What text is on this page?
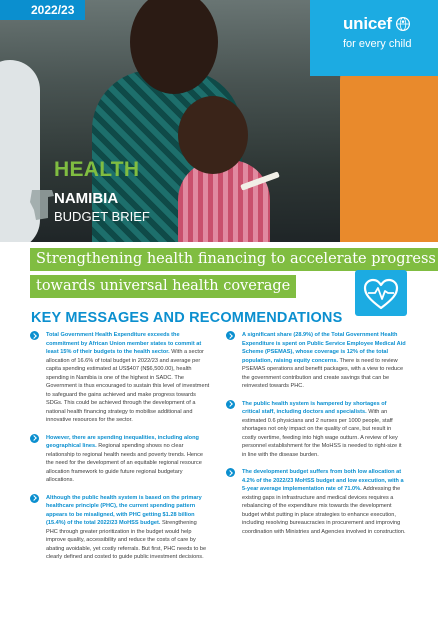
2022/23
unicef
for every child
HEALTH
NAMIBIA
BUDGET BRIEF
Strengthening health financing to accelerate progress
towards universal health coverage
KEY MESSAGES AND RECOMMENDATIONS
Total Government Health Expenditure exceeds the commitment by African Union member states to commit at least 15% of their budgets to the health sector. With a sector allocation of 16.6% of total budget in 2022/23 and average per capita spending estimated at US$407 (N$6,500.00), health spending in Namibia is one of the highest in SADC. The Government is thus encouraged to sustain this level of investment to safeguard the gains achieved and make progress towards SDGs. This could be achieved through the development of a national health financing strategy to mobilise additional and innovative resources for the sector.
However, there are spending inequalities, including along geographical lines. Regional spending shows no clear relationship to regional health needs and poverty trends. Hence the need for the development of an equitable regional resource allocation framework to guide future regional budgetary allocations.
Although the public health system is based on the primary healthcare principle (PHC), the current spending pattern appears to be misaligned, with PHC getting $1.28 billion (15.4%) of the total 2022/23 MoHSS budget. Strengthening PHC through greater prioritization in the budget would help improve quality, accessibility and reduce the costs of care by abating avoidable, yet costly referrals. But first, PHC needs to be clearly defined and costed to guide public investment decisions.
A significant share (28.9%) of the Total Government Health Expenditure is spent on Public Service Employee Medical Aid Scheme (PSEMAS), whose coverage is 12% of the total population, raising equity concerns. There is need to review PSEMAS operations and benefit packages, with a view to reduce the government contribution and create savings that can be reinvested towards PHC.
The public health system is hampered by shortages of critical staff, including doctors and specialists. With an estimated 0.6 physicians and 2 nurses per 1000 people, staff shortages not only impact on the quality of care, but result in costly overtime, feeding into high wage outturn. A review of key personnel establishment for the MoHSS is needed to right-size it in line with the disease burden.
The development budget suffers from both low allocation at 4.2% of the 2022/23 MoHSS budget and low execution, with a 5-year average implementation rate of 71.0%. Addressing the existing gaps in infrastructure and medical devices requires a rebalancing of the expenditure mix towards the development budget whilst putting in place strategies to enhance execution, including resolving bureaucracies in procurement and improving coordination with Ministries and Agencies involved in construction.
